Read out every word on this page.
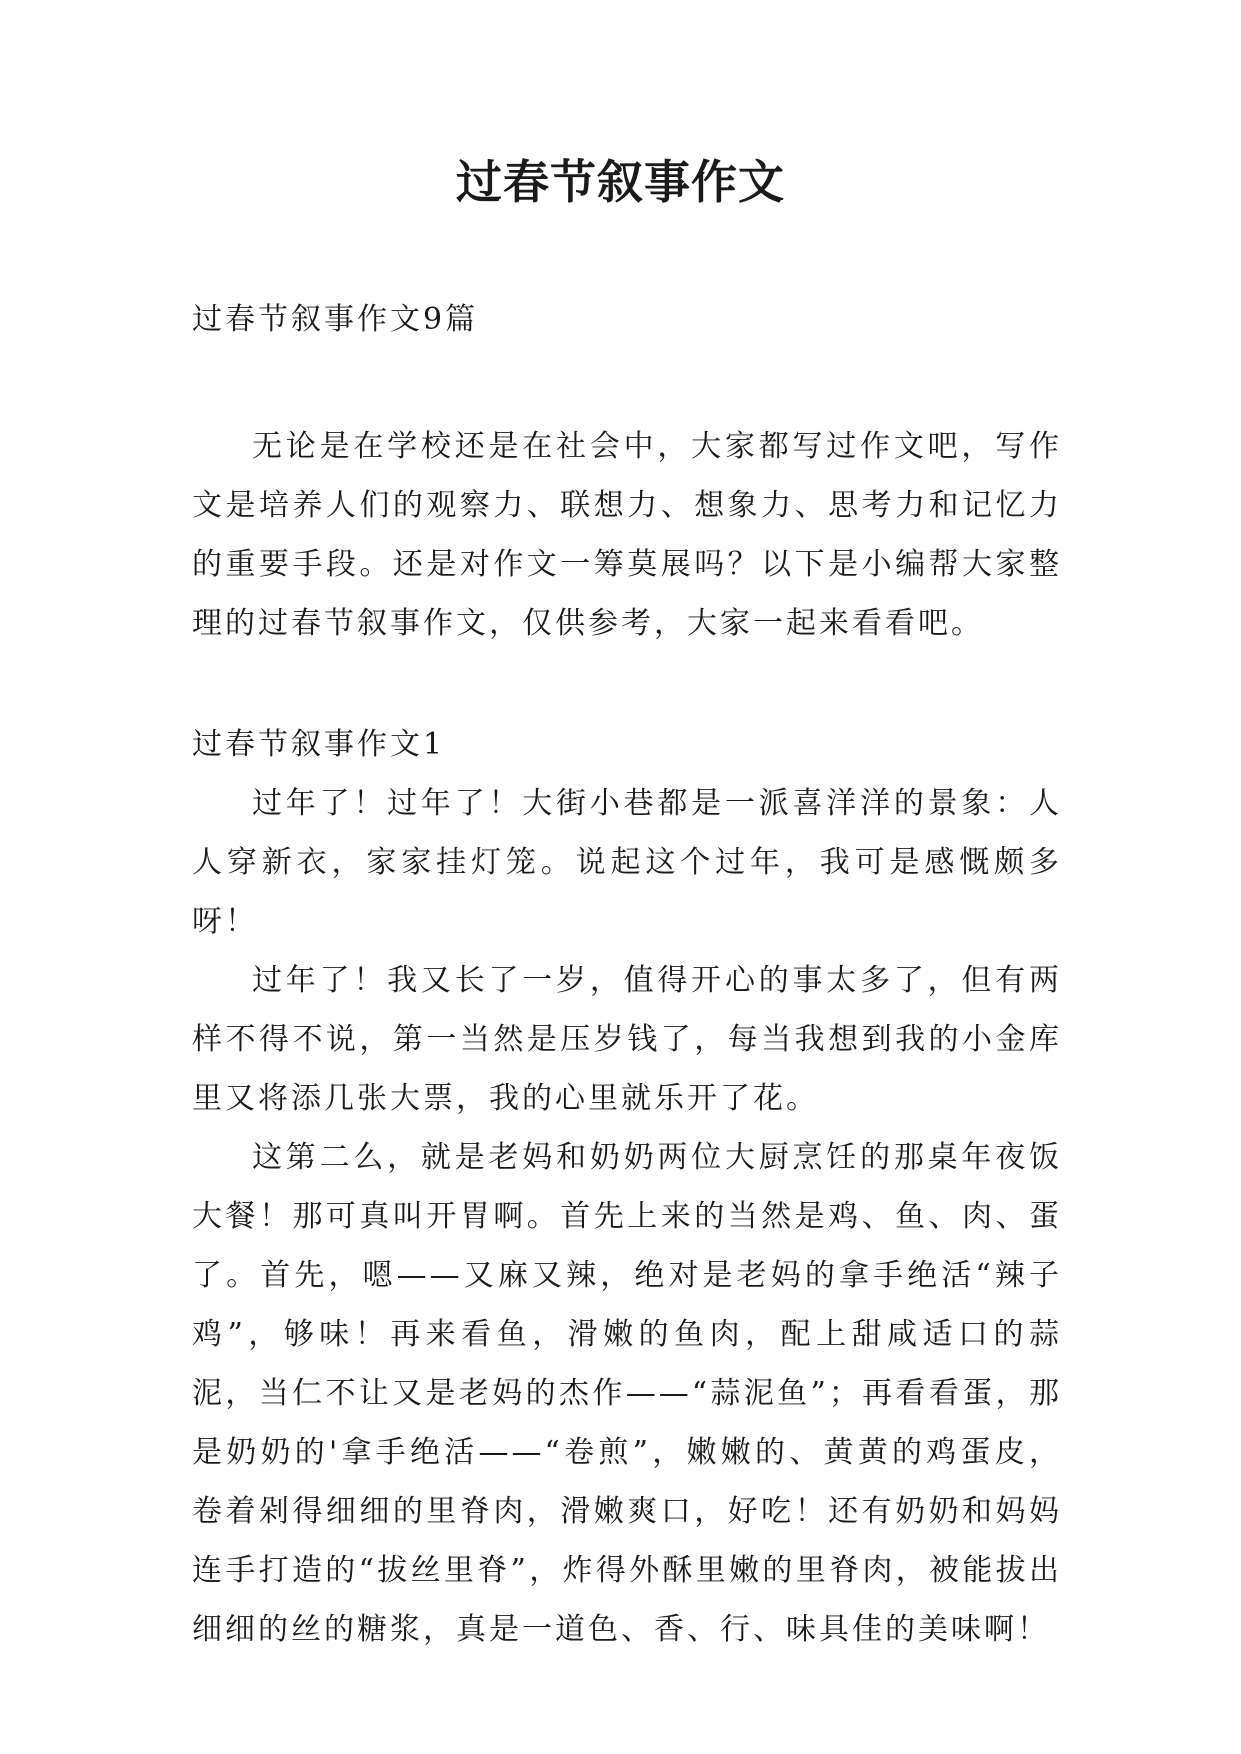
过春节叙事作文

过春节叙事作文9篇

无论是在学校还是在社会中，大家都写过作文吧，写作文是培养人们的观察力、联想力、想象力、思考力和记忆力的重要手段。还是对作文一筹莫展吗？以下是小编帮大家整理的过春节叙事作文，仅供参考，大家一起来看看吧。

过春节叙事作文1

过年了！过年了！大街小巷都是一派喜洋洋的景象：人人穿新衣，家家挂灯笼。说起这个过年，我可是感慨颇多呀！

过年了！我又长了一岁，值得开心的事太多了，但有两样不得不说，第一当然是压岁钱了，每当我想到我的小金库里又将添几张大票，我的心里就乐开了花。

这第二么，就是老妈和奶奶两位大厨烹饪的那桌年夜饭大餐！那可真叫开胃啊。首先上来的当然是鸡、鱼、肉、蛋了。首先，嗯——又麻又辣，绝对是老妈的拿手绝活“辣子鸡”，够味！再来看鱼，滑嫩的鱼肉，配上甜咸适口的蒜泥，当仁不让又是老妈的杰作——“蒜泥鱼”；再看看蛋，那是奶奶的'拿手绝活——“卷煎”，嫩嫩的、黄黄的鸡蛋皮，卷着剁得细细的里脊肉，滑嫩爽口，好吃！还有奶奶和妈妈连手打造的“拔丝里脊”，炸得外酥里嫩的里脊肉，被能拔出细细的丝的糖浆，真是一道色、香、行、味具佳的美味啊！
